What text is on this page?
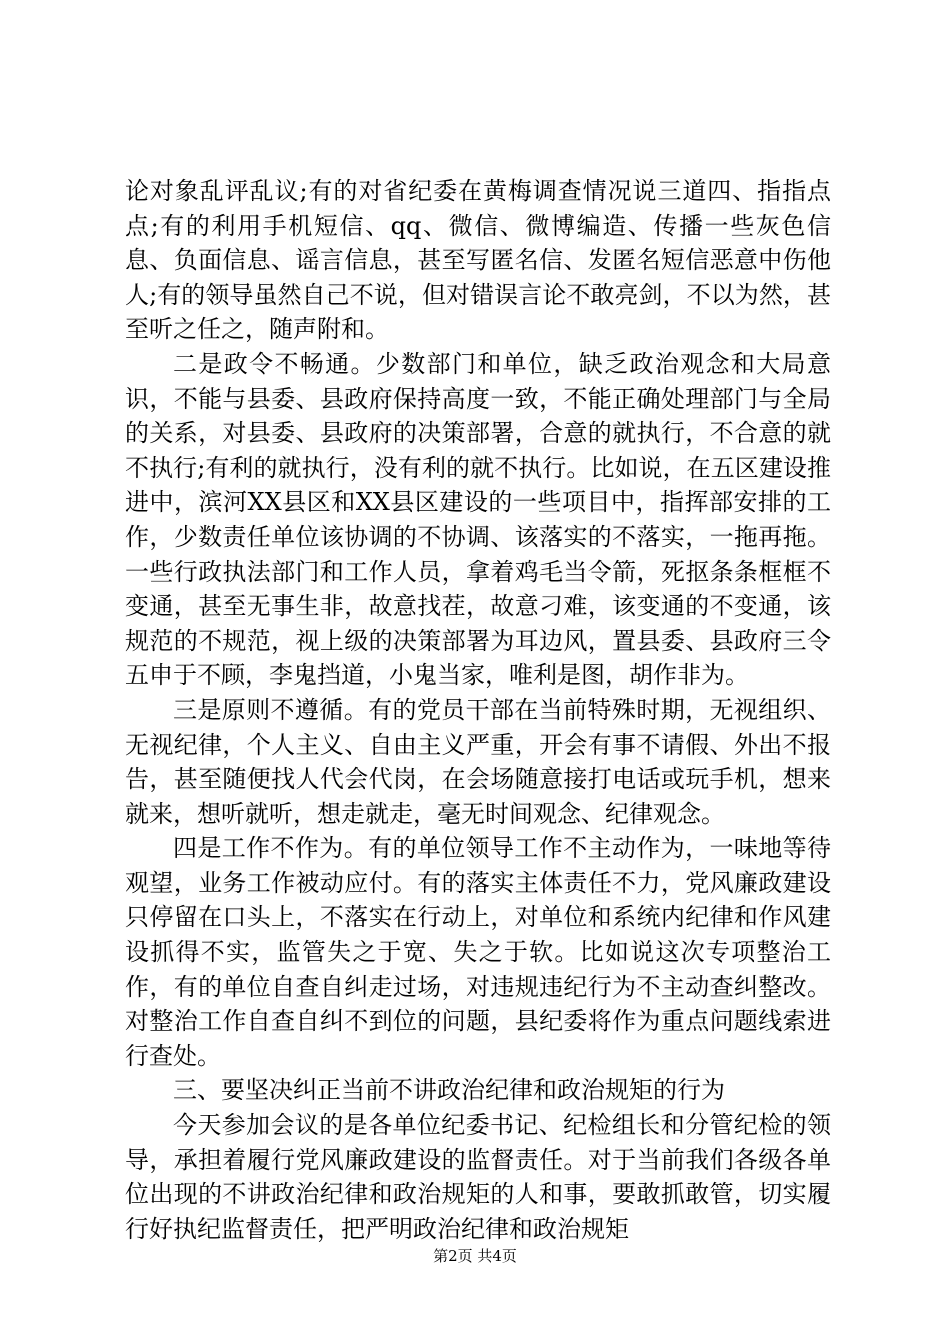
论对象乱评乱议;有的对省纪委在黄梅调查情况说三道四、指指点点;有的利用手机短信、qq、微信、微博编造、传播一些灰色信息、负面信息、谣言信息，甚至写匿名信、发匿名短信恶意中伤他人;有的领导虽然自己不说，但对错误言论不敢亮剑，不以为然，甚至听之任之，随声附和。

二是政令不畅通。少数部门和单位，缺乏政治观念和大局意识，不能与县委、县政府保持高度一致，不能正确处理部门与全局的关系，对县委、县政府的决策部署，合意的就执行，不合意的就不执行;有利的就执行，没有利的就不执行。比如说，在五区建设推进中，滨河XX县区和XX县区建设的一些项目中，指挥部安排的工作，少数责任单位该协调的不协调、该落实的不落实，一拖再拖。一些行政执法部门和工作人员，拿着鸡毛当令箭，死抠条条框框不变通，甚至无事生非，故意找茬，故意刁难，该变通的不变通，该规范的不规范，视上级的决策部署为耳边风，置县委、县政府三令五申于不顾，李鬼挡道，小鬼当家，唯利是图，胡作非为。

三是原则不遵循。有的党员干部在当前特殊时期，无视组织、无视纪律，个人主义、自由主义严重，开会有事不请假、外出不报告，甚至随便找人代会代岗，在会场随意接打电话或玩手机，想来就来，想听就听，想走就走，毫无时间观念、纪律观念。

四是工作不作为。有的单位领导工作不主动作为，一味地等待观望，业务工作被动应付。有的落实主体责任不力，党风廉政建设只停留在口头上，不落实在行动上，对单位和系统内纪律和作风建设抓得不实，监管失之于宽、失之于软。比如说这次专项整治工作，有的单位自查自纠走过场，对违规违纪行为不主动查纠整改。对整治工作自查自纠不到位的问题，县纪委将作为重点问题线索进行查处。

三、要坚决纠正当前不讲政治纪律和政治规矩的行为

今天参加会议的是各单位纪委书记、纪检组长和分管纪检的领导，承担着履行党风廉政建设的监督责任。对于当前我们各级各单位出现的不讲政治纪律和政治规矩的人和事，要敢抓敢管，切实履行好执纪监督责任，把严明政治纪律和政治规矩

第2页 共4页
